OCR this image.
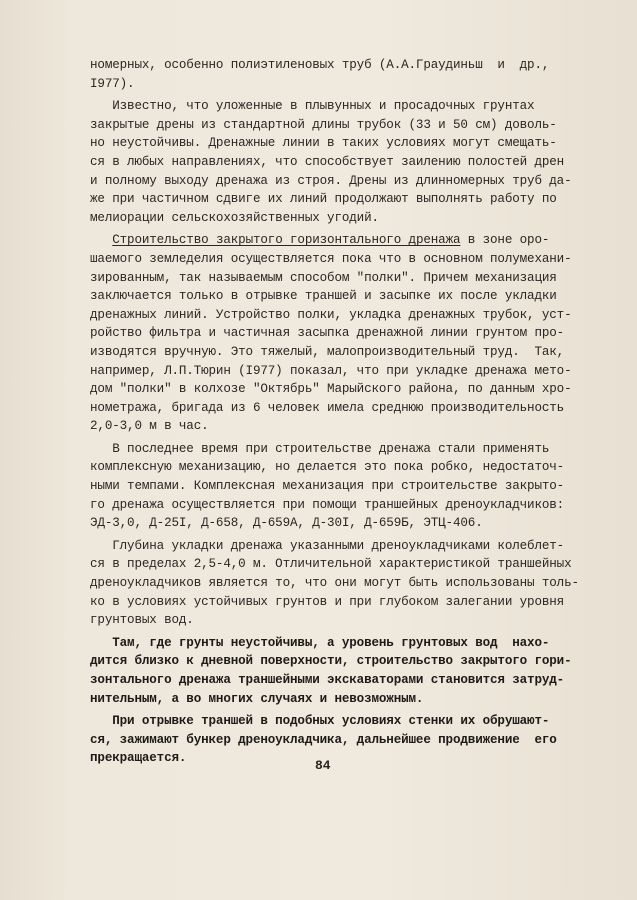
номерных, особенно полиэтиленовых труб (А.А.Граудиньш  и  др.,
I977).
Известно, что уложенные в плывунных и просадочных грунтах
закрытые дрены из стандартной длины трубок (33 и 50 см) доволь-
но неустойчивы. Дренажные линии в таких условиях могут смещать-
ся в любых направлениях, что способствует заилению полостей дрен
и полному выходу дренажа из строя. Дрены из длинномерных труб да-
же при частичном сдвиге их линий продолжают выполнять работу по
мелиорации сельскохозяйственных угодий.
Строительство закрытого горизонтального дренажа в зоне оро-
шаемого земледелия осуществляется пока что в основном полумехани-
зированным, так называемым способом "полки". Причем механизация
заключается только в отрывке траншей и засыпке их после укладки
дренажных линий. Устройство полки, укладка дренажных трубок, уст-
ройство фильтра и частичная засыпка дренажной линии грунтом про-
изводятся вручную. Это тяжелый, малопроизводительный труд.  Так,
например, Л.П.Тюрин (I977) показал, что при укладке дренажа мето-
дом "полки" в колхозе "Октябрь" Марыйского района, по данным хро-
нометража, бригада из 6 человек имела среднюю производительность
2,0-3,0 м в час.
В последнее время при строительстве дренажа стали применять
комплексную механизацию, но делается это пока робко, недостаточ-
ными темпами. Комплексная механизация при строительстве закрыто-
го дренажа осуществляется при помощи траншейных дреноукладчиков:
ЭД-3,0, Д-25I, Д-658, Д-659А, Д-30I, Д-659Б, ЭТЦ-406.
Глубина укладки дренажа указанными дреноукладчиками колеблет-
ся в пределах 2,5-4,0 м. Отличительной характеристикой траншейных
дреноукладчиков является то, что они могут быть использованы толь-
ко в условиях устойчивых грунтов и при глубоком залегании уровня
грунтовых вод.
Там, где грунты неустойчивы, а уровень грунтовых вод  нахо-
дится близко к дневной поверхности, строительство закрытого гори-
зонтального дренажа траншейными экскаваторами становится затруд-
нительным, а во многих случаях и невозможным.
При отрывке траншей в подобных условиях стенки их обрушают-
ся, зажимают бункер дреноукладчика, дальнейшее продвижение  его
прекращается.	84
